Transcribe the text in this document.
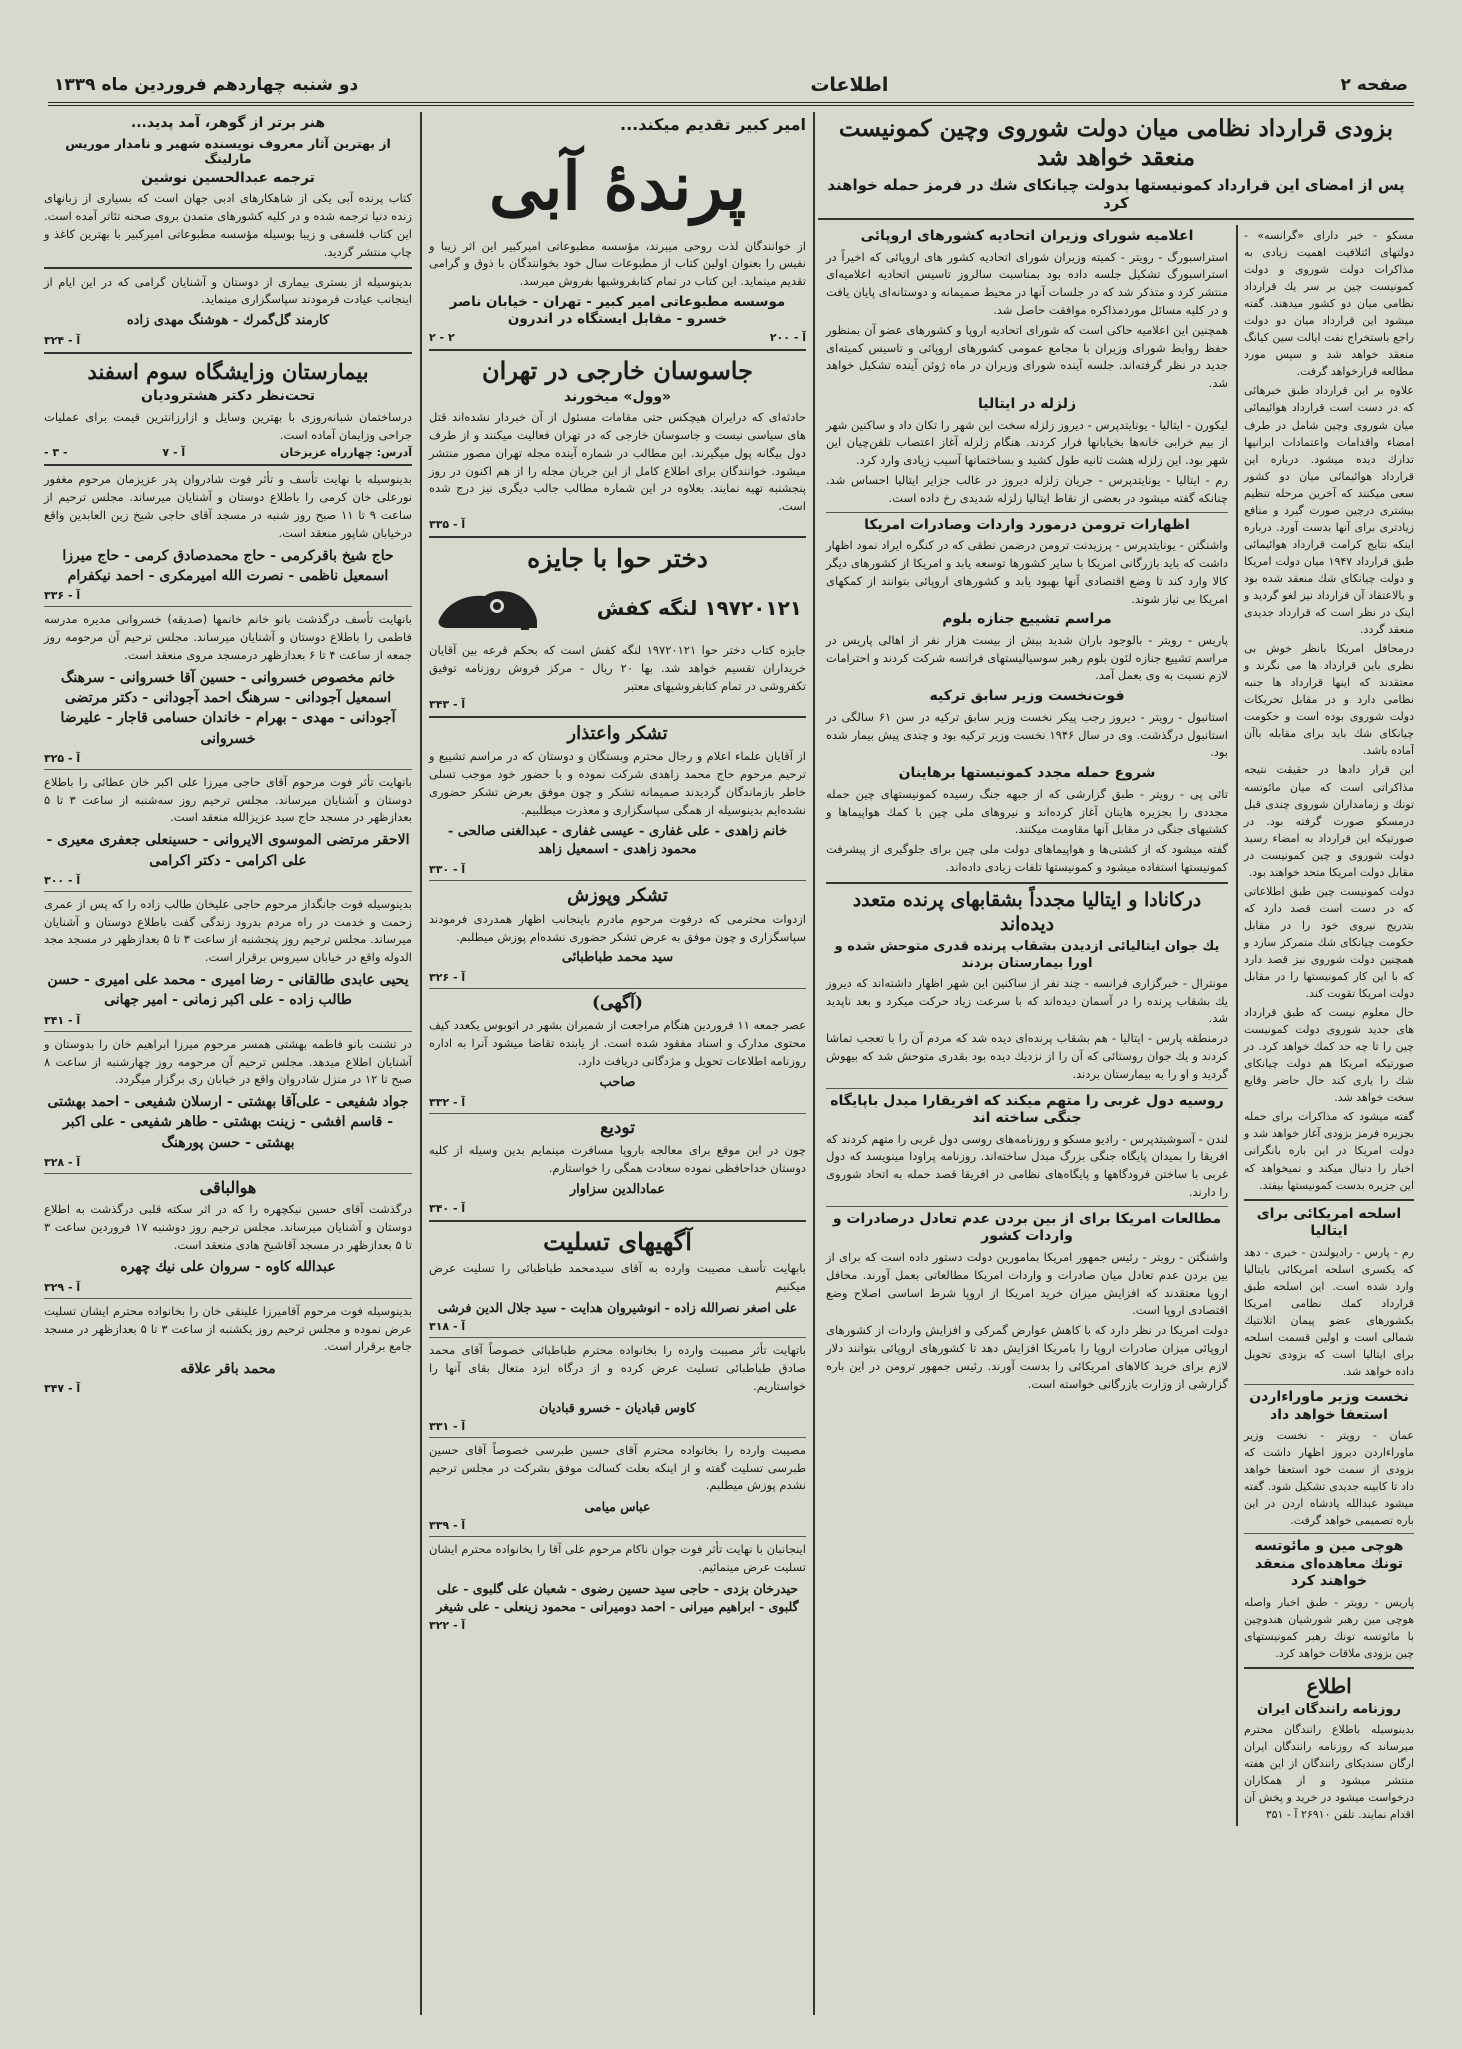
صفحه ۲
اطلاعات
دو شنبه چهاردهم فروردین ماه ۱۳۳۹
بزودی قرارداد نظامی میان دولت شوروی وچین کمونیست منعقد خواهد شد
پس از امضای این قرارداد کمونیستها بدولت چیانکای شك در فرمز حمله خواهند کرد

مسکو - خبر دارای «گرانسه» - دولتهای ائتلافیت اهمیت زیادی به مذاکرات دولت شوروی و دولت کمونیست چین بر سر یك قرارداد نظامی میان دو کشور میدهند. گفته میشود این قرارداد میان دو دولت راجع باستخراج نفت ایالت سین کیانگ منعقد خواهد شد و سپس مورد مطالعه قرارخواهد گرفت.

علاوه بر این قرارداد طبق خبرهائی که در دست است قرارداد هوائیمائی میان شوروی وچین شامل در طرف امضاء واقدامات واعتمادات ایرانیها تدارك دیده میشود. درباره این قرارداد هوائیمائی میان دو کشور سعی میکنند که آخرین مرحله تنظیم بیشتری درچین صورت گیرد و منافع زیادتری برای آنها بدست آورد. درباره اینکه نتایج کرامت قرارداد هوائیمائی طبق قرارداد ۱۹۴۷ میان دولت امریکا و دولت چیانکای شك منعقد شده بود و بالاعتقاد آن قرارداد نیز لغو گردید و اینک در نظر است که قرارداد جدیدی منعقد گردد.

درمحافل امریکا بانظر خوش بی نظری باین قرارداد ها می نگرند و معتقدند که اینها قرارداد ها جنبه نظامی دارد و در مقابل تحریکات دولت شوروی بوده است و حکومت چیانکای شك باید برای مقابله باآن آماده باشد.

این قرار دادها در حقیقت نتیجه مذاکراتی است که میان مائوتسه تونك و زمامداران شوروی چندی قبل درمسکو صورت گرفته بود. در صورتیکه این قرارداد به امضاء رسید دولت شوروی و چین کمونیست در مقابل دولت امریکا متحد خواهند بود.

دولت کمونیست چین طبق اطلاعاتی که در دست است قصد دارد که بتدریج نیروی خود را در مقابل حکومت چیانکای شك متمرکز سازد و همچنین دولت شوروی نیز قصد دارد که با این کار کمونیستها را در مقابل دولت امریکا تقویت کند.

حال معلوم نیست که طبق قرارداد های جدید شوروی دولت کمونیست چین را تا چه حد کمك خواهد کرد. در صورتیکه امریکا هم دولت چیانکای شك را یاری کند حال حاضر وقایع سخت خواهد شد.

گفته میشود که مذاکرات برای حمله بجزیره فرمز بزودی آغاز خواهد شد و دولت امریکا در این باره بانگرانی اخبار را دنبال میکند و نمیخواهد که این جزیره بدست کمونیستها بیفتد.

اسلحه امریکائی برای ایتالیا

رم - پارس - رادیولندن - خبری - دهد که یکسری اسلحه امریکائی بایتالیا وارد شده است. این اسلحه طبق قرارداد کمك نظامی امریکا بکشورهای عضو پیمان اتلانتیك شمالی است و اولین قسمت اسلحه برای ایتالیا است که بزودی تحویل داده خواهد شد.

نخست وزیر ماوراءاردن استعفا خواهد داد

عمان - رویتر - نخست وزیر ماوراءاردن دیروز اظهار داشت که بزودی از سمت خود استعفا خواهد داد تا کابینه جدیدی تشکیل شود. گفته میشود عبدالله پادشاه اردن در این باره تصمیمی خواهد گرفت.

هوچی مین و مائوتسه تونك معاهده‌ای منعقد خواهند کرد

پاریس - رویتر - طبق اخبار واصله هوچی مین رهبر شورشیان هندوچین با مائوتسه تونك رهبر کمونیستهای چین بزودی ملاقات خواهد کرد.

اطلاع
روزنامه رانندگان ایران

بدینوسیله باطلاع رانندگان محترم میرساند که روزنامه رانندگان ایران ارگان سندیکای رانندگان از این هفته منتشر میشود و از همکاران درخواست میشود در خرید و پخش آن اقدام نمایند. تلفن ۲۶۹۱۰ آ - ۳۵۱

اعلامیه شورای وزیران اتحادیه کشورهای اروپائی

استراسبورگ - رویتر - کمیته وزیران شورای اتحادیه کشور های اروپائی که اخیراً در استراسبورگ تشکیل جلسه داده بود بمناسبت سالروز تاسیس اتحادیه اعلامیه‌ای منتشر کرد و متذکر شد که در جلسات آنها در محیط صمیمانه و دوستانه‌ای پایان یافت و در کلیه مسائل موردمذاکره موافقت حاصل شد.

همچنین این اعلامیه حاکی است که شورای اتحادیه اروپا و کشورهای عضو آن بمنظور حفظ روابط شورای وزیران با مجامع عمومی کشورهای اروپائی و تاسیس کمیته‌ای جدید در نظر گرفته‌اند. جلسه آینده شورای وزیران در ماه ژوئن آینده تشکیل خواهد شد.

زلزله در ایتالیا

لیکورن - ایتالیا - یونایتدپرس - دیروز زلزله سخت این شهر را تکان داد و ساکنین شهر از بیم خرابی خانه‌ها بخیابانها فرار کردند. هنگام زلزله آغاز اعتصاب تلفن‌چیان این شهر بود. این زلزله هشت ثانیه طول کشید و بساختمانها آسیب زیادی وارد کرد.

رم - ایتالیا - یونایتدپرس - جریان زلزله دیروز در غالب جزایر ایتالیا احساس شد. چنانکه گفته میشود در بعضی از نقاط ایتالیا زلزله شدیدی رخ داده است.

اظهارات ترومن درمورد واردات وصادرات امریکا

واشنگتن - یونایتدپرس - پرزیدنت ترومن درضمن نطقی که در کنگره ایراد نمود اظهار داشت که باید بازرگانی امریکا با سایر کشورها توسعه یابد و امریکا از کشورهای دیگر کالا وارد کند تا وضع اقتصادی آنها بهبود یابد و کشورهای اروپائی بتوانند از کمکهای امریکا بی نیاز شوند.

مراسم تشییع جنازه بلوم

پاریس - رویتر - بالوجود باران شدید بیش از بیست هزار نفر از اهالی پاریس در مراسم تشییع جنازه لئون بلوم رهبر سوسیالیستهای فرانسه شرکت کردند و احترامات لازم نسبت به وی بعمل آمد.

فوت‌نخست وزیر سابق ترکیه

استانبول - رویتر - دیروز رجب پیکر نخست وزیر سابق ترکیه در سن ۶۱ سالگی در استانبول درگذشت. وی در سال ۱۹۴۶ نخست وزیر ترکیه بود و چندی پیش بیمار شده بود.

شروع حمله مجدد کمونیستها برهاینان

تائی پی - رویتر - طبق گزارشی که از جبهه جنگ رسیده کمونیستهای چین حمله مجددی را بجزیره هاینان آغاز کرده‌اند و نیروهای ملی چین با کمك هواپیماها و کشتیهای جنگی در مقابل آنها مقاومت میکنند.

گفته میشود که از کشتی‌ها و هواپیماهای دولت ملی چین برای جلوگیری از پیشرفت کمونیستها استفاده میشود و کمونیستها تلفات زیادی داده‌اند.

درکانادا و ایتالیا مجدداً بشقابهای پرنده متعدد دیده‌اند
یك جوان ایتالیائی ازدیدن بشقاب پرنده قدری متوحش شده و اورا بیمارستان بردند

مونترال - خبرگزاری فرانسه - چند نفر از ساکنین این شهر اظهار داشته‌اند که دیروز یك بشقاب پرنده را در آسمان دیده‌اند که با سرعت زیاد حرکت میکرد و بعد ناپدید شد.

درمنطقه پارس - ایتالیا - هم بشقاب پرنده‌ای دیده شد که مردم آن را با تعجب تماشا کردند و یك جوان روستائی که آن را از نزدیك دیده بود بقدری متوحش شد که بیهوش گردید و او را به بیمارستان بردند.

روسیه دول غربی را متهم میکند که افریقارا میدل باپایگاه جنگی ساخته اند

لندن - آسوشیتدپرس - رادیو مسکو و روزنامه‌های روسی دول غربی را متهم کردند که افریقا را بمیدان پایگاه جنگی بزرگ مبدل ساخته‌اند. روزنامه پراودا مینویسد که دول غربی با ساختن فرودگاهها و پایگاه‌های نظامی در افریقا قصد حمله به اتحاد شوروی را دارند.

مطالعات امریکا برای از بین بردن عدم تعادل درصادرات و واردات کشور

واشنگتن - رویتر - رئیس جمهور امریکا بمامورین دولت دستور داده است که برای از بین بردن عدم تعادل میان صادرات و واردات امریکا مطالعاتی بعمل آورند. محافل اروپا معتقدند که افزایش میزان خرید امریکا از اروپا شرط اساسی اصلاح وضع اقتصادی اروپا است.

دولت امریکا در نظر دارد که با کاهش عوارض گمرکی و افزایش واردات از کشورهای اروپائی میزان صادرات اروپا را بامریکا افزایش دهد تا کشورهای اروپائی بتوانند دلار لازم برای خرید کالاهای امریکائی را بدست آورند. رئیس جمهور ترومن در این باره گزارشی از وزارت بازرگانی خواسته است.

امیر کبیر تقدیم میکند...
پرندهٔ آبی

از خوانندگان لذت روحی میبرند، مؤسسه مطبوعاتی امیرکبیر این اثر زیبا و نفیس را بعنوان اولین کتاب از مطبوعات سال خود بخوانندگان با ذوق و گرامی تقدیم مینماید. این کتاب در تمام کتابفروشیها بفروش میرسد.

موسسه مطبوعاتی امیر کبیر - تهران - خیابان ناصر خسرو - مقابل ایستگاه در اندرون
آ - ۲۰۰
۲ - ۲
جاسوسان خارجی در تهران
«وول» میخورند

حادثه‌ای که درایران هیچکس حتی مقامات مسئول از آن خبردار نشده‌اند قتل های سیاسی نیست و جاسوسان خارجی که در تهران فعالیت میکنند و از طرف دول بیگانه پول میگیرند. این مطالب در شماره آینده مجله تهران مصور منتشر میشود. خوانندگان برای اطلاع کامل از این جریان مجله را از هم اکنون در روز پنجشنبه تهیه نمایند. بعلاوه در این شماره مطالب جالب دیگری نیز درج شده است.

آ - ۳۳۵
دختر حوا با جایزه
۱۹۷۲۰۱۲۱ لنگه کفش

جایزه کتاب دختر حوا ۱۹۷۲۰۱۲۱ لنگه کفش است که بحکم قرعه بین آقایان خریداران تقسیم خواهد شد. بها ۲۰ ریال - مرکز فروش روزنامه توفیق تکفروشی در تمام کتابفروشیهای معتبر

آ - ۳۴۳
تشکر واعتذار

از آقایان علماء اعلام و رجال محترم وبستگان و دوستان که در مراسم تشییع و ترحیم مرحوم حاج محمد زاهدی شرکت نموده و با حضور خود موجب تسلی خاطر بازماندگان گردیدند صمیمانه تشکر و چون موفق بعرض تشکر حضوری نشده‌ایم بدینوسیله از همگی سپاسگزاری و معذرت میطلبیم.

خانم زاهدی - علی غفاری - عیسی غفاری - عبدالغنی صالحی - محمود زاهدی - اسمعیل زاهد
آ - ۳۳۰
تشکر وپوزش

ازدوات محترمی که درفوت مرحوم مادرم باینجانب اظهار همدردی فرمودند سپاسگزاری و چون موفق به عرض تشکر حضوری نشده‌ام پوزش میطلبم.

سید محمد طباطبائی
آ - ۳۲۶
(آگهی)

عصر جمعه ۱۱ فروردین هنگام مراجعت از شمیران بشهر در اتوبوس یکعدد کیف محتوی مدارک و اسناد مفقود شده است. از یابنده تقاضا میشود آنرا به اداره روزنامه اطلاعات تحویل و مژدگانی دریافت دارد.

صاحب
آ - ۳۳۲
تودیع

چون در این موقع برای معالجه باروپا مسافرت مینمایم بدین وسیله از کلیه دوستان خداحافظی نموده سعادت همگی را خواستارم.

عمادالدین سزاوار
آ - ۳۴۰
آگهیهای تسلیت

بابهایت تأسف مصیبت وارده به آقای سیدمحمد طباطبائی را تسلیت عرض میکنیم

علی اصغر نصرالله زاده - انوشیروان هدایت - سید جلال الدین فرشی
آ - ۳۱۸

باتهایت تأثر مصیبت وارده را بخانواده محترم طباطبائی خصوصاً آقای محمد صادق طباطبائی تسلیت عرض کرده و از درگاه ایزد متعال بقای آنها را خواستاریم.

کاوس قبادیان - خسرو قبادیان
آ - ۳۳۱

مصیبت وارده را بخانواده محترم آقای حسین طبرسی خصوصاً آقای حسین طبرسی تسلیت گفته و از اینکه بعلت کسالت موفق بشرکت در مجلس ترحیم نشدم پوزش میطلبم.

عباس میامی
آ - ۳۳۹

اینجانبان با نهایت تأثر فوت جوان ناکام مرحوم علی آقا را بخانواده محترم ایشان تسلیت عرض مینمائیم.

حیدرخان بزدی - حاجی سید حسین رضوی - شعبان علی گلبوی - علی گلبوی - ابراهیم میرانی - احمد دومیرانی - محمود زینعلی - علی شیغر
آ - ۳۲۲
هنر برتر از گوهر، آمد پدید...
از بهترین آثار معروف نویسنده شهیر و نامدار موریس مارلینگ
ترجمه عبدالحسین نوشین

کتاب پرنده آبی یکی از شاهکارهای ادبی جهان است که بسیاری از زبانهای زنده دنیا ترجمه شده و در کلیه کشورهای متمدن بروی صحنه تئاتر آمده است. این کتاب فلسفی و زیبا بوسیله مؤسسه مطبوعاتی امیرکبیر با بهترین کاغذ و چاپ منتشر گردید.

بدینوسیله از بستری بیماری از دوستان و آشنایان گرامی که در این ایام از اینجانب عیادت فرمودند سپاسگزاری مینماید.

کارمند گل‌گمرك - هوشنگ مهدی زاده
آ - ۳۲۴
بیمارستان وزایشگاه سوم اسفند
تحت‌نظر دکتر هشترودیان

درساختمان شبانه‌روزی با بهترین وسایل و ازارزانترین قیمت برای عملیات جراحی وزایمان آماده است.

آدرس: چهارراه عزیزخان
آ - ۷
- ۳ -

بدینوسیله با نهایت تأسف و تأثر فوت شادروان پدر عزیزمان مرحوم مغفور نورعلی خان کرمی را باطلاع دوستان و آشنایان میرساند. مجلس ترحیم از ساعت ۹ تا ۱۱ صبح روز شنبه در مسجد آقای حاجی شیخ زین العابدین واقع درخیابان شاپور منعقد است.

حاج شیخ باقرکرمی - حاج محمدصادق کرمی - حاج میرزا اسمعیل ناظمی - نصرت الله امیرمکری - احمد نیکفرام
آ - ۳۳۶

بانهایت تأسف درگذشت بانو خانم خانمها (صدیقه) خسروانی مدیره مدرسه فاطمی را باطلاع دوستان و آشنایان میرساند. مجلس ترحیم آن مرحومه روز جمعه از ساعت ۴ تا ۶ بعدازظهر درمسجد مروی منعقد است.

خانم مخصوص خسروانی - حسین آقا خسروانی - سرهنگ اسمعیل آجودانی - سرهنگ احمد آجودانی - دکتر مرتضی آجودانی - مهدی - بهرام - خاندان حسامی قاجار - علیرضا خسروانی
آ - ۳۲۵

بانهایت تأثر فوت مرحوم آقای حاجی میرزا علی اکبر خان عطائی را باطلاع دوستان و آشنایان میرساند. مجلس ترحیم روز سه‌شنبه از ساعت ۳ تا ۵ بعدازظهر در مسجد حاج سید عزیزالله منعقد است.

الاحقر مرتضی الموسوی الایروانی - حسینعلی جعفری معیری - علی اکرامی - دکتر اکرامی
آ - ۳۰۰

بدینوسیله فوت جانگداز مرحوم حاجی علیخان طالب زاده را که پس از عمری زحمت و خدمت در راه مردم بدرود زندگی گفت باطلاع دوستان و آشنایان میرساند. مجلس ترحیم روز پنجشنبه از ساعت ۳ تا ۵ بعدازظهر در مسجد مجد الدوله واقع در خیابان سیروس برقرار است.

یحیی عابدی طالقانی - رضا امیری - محمد علی امیری - حسن طالب زاده - علی اکبر زمانی - امیر جهانی
آ - ۳۴۱

در تشنت بانو فاطمه بهشتی همسر مرحوم میرزا ابراهیم خان را بدوستان و آشنایان اطلاع میدهد. مجلس ترحیم آن مرحومه روز چهارشنبه از ساعت ۸ صبح تا ۱۲ در منزل شادروان واقع در خیابان ری برگزار میگردد.

جواد شفیعی - علی‌آقا بهشتی - ارسلان شفیعی - احمد بهشتی - قاسم افشی - زینت بهشتی - طاهر شفیعی - علی اکبر بهشتی - حسن پورهنگ
آ - ۳۲۸
هوالباقی

درگذشت آقای حسین نیکچهره را که در اثر سکته قلبی درگذشت به اطلاع دوستان و آشنایان میرساند. مجلس ترحیم روز دوشنبه ۱۷ فروردین ساعت ۳ تا ۵ بعدازظهر در مسجد آقاشیخ هادی منعقد است.

عبدالله کاوه - سروان علی نیك چهره
آ - ۳۲۹

بدینوسیله فوت مرحوم آقامیرزا علینقی خان را بخانواده محترم ایشان تسلیت عرض نموده و مجلس ترحیم روز یکشنبه از ساعت ۳ تا ۵ بعدازظهر در مسجد جامع برقرار است.

محمد باقر علاقه
آ - ۳۴۷
